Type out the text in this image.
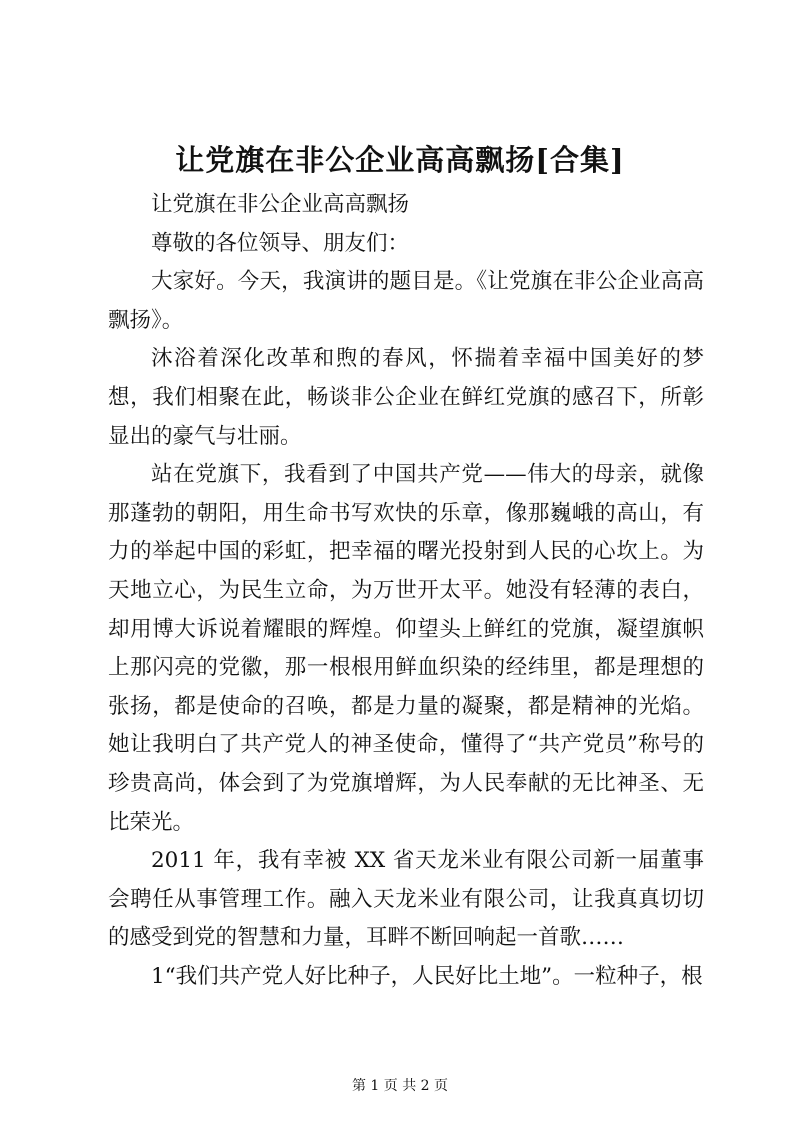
让党旗在非公企业高高飘扬[合集]

让党旗在非公企业高高飘扬

尊敬的各位领导、朋友们：

大家好。今天，我演讲的题目是。《让党旗在非公企业高高飘扬》。

沐浴着深化改革和煦的春风，怀揣着幸福中国美好的梦想，我们相聚在此，畅谈非公企业在鲜红党旗的感召下，所彰显出的豪气与壮丽。

站在党旗下，我看到了中国共产党——伟大的母亲，就像那蓬勃的朝阳，用生命书写欢快的乐章，像那巍峨的高山，有力的举起中国的彩虹，把幸福的曙光投射到人民的心坎上。为天地立心，为民生立命，为万世开太平。她没有轻薄的表白，却用博大诉说着耀眼的辉煌。仰望头上鲜红的党旗，凝望旗帜上那闪亮的党徽，那一根根用鲜血织染的经纬里，都是理想的张扬，都是使命的召唤，都是力量的凝聚，都是精神的光焰。她让我明白了共产党人的神圣使命，懂得了“共产党员”称号的珍贵高尚，体会到了为党旗增辉，为人民奉献的无比神圣、无比荣光。

2011 年，我有幸被 XX 省天龙米业有限公司新一届董事会聘任从事管理工作。融入天龙米业有限公司，让我真真切切的感受到党的智慧和力量，耳畔不断回响起一首歌……

1“我们共产党人好比种子，人民好比土地”。一粒种子，根

第 1 页 共 2 页
